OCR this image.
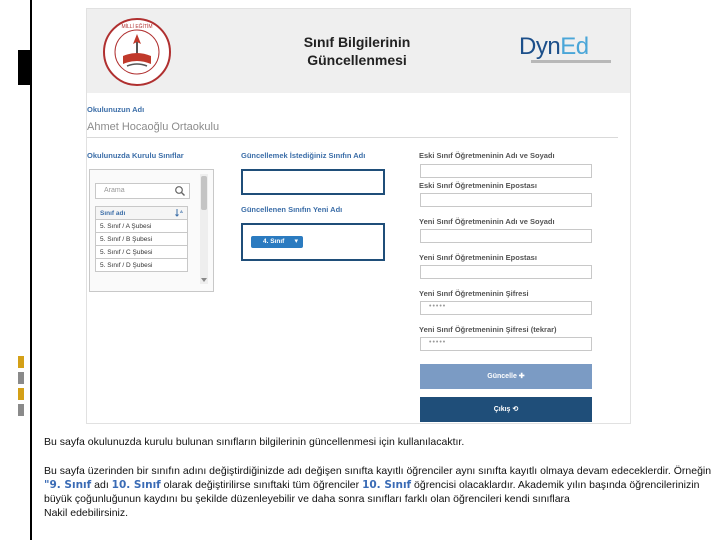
MİLLİ EĞİTİM
Sınıf Bilgilerinin
Güncellenmesi	DynEd
Okulunuzun Adı
Ahmet Hocaoğlu Ortaokulu
Okulunuzda Kurulu Sınıflar
Arama
Sınıf adı	A

5. Sınıf / A Şubesi
5. Sınıf / B Şubesi
5. Sınıf / C Şubesi
5. Sınıf / D Şubesi
Güncellemek İstediğiniz Sınıfın Adı
Güncellenen Sınıfın Yeni Adı
4. Sınıf ▾
Eski Sınıf Öğretmeninin Adı ve Soyadı
Eski Sınıf Öğretmeninin Epostası
Yeni Sınıf Öğretmeninin Adı ve Soyadı
Yeni Sınıf Öğretmeninin Epostası
Yeni Sınıf Öğretmeninin Şifresi
•••••
Yeni Sınıf Öğretmeninin Şifresi (tekrar)
•••••
Güncelle ✚
Çıkış ⟲
Bu sayfa okulunuzda kurulu bulunan sınıfların bilgilerinin güncellenmesi için kullanılacaktır.
Bu sayfa üzerinden bir sınıfın adını değiştirdiğinizde adı değişen sınıfta kayıtlı öğrenciler aynı sınıfta kayıtlı olmaya devam edeceklerdir. Örneğin "9. Sınıf adı 10. Sınıf olarak değiştirilirse sınıftaki tüm öğrenciler 10. Sınıf öğrencisi olacaklardır. Akademik yılın başında öğrencilerinizin büyük çoğunluğunun kaydını bu şekilde düzenleyebilir ve daha sonra sınıfları farklı olan öğrencileri kendi sınıflara
Nakil edebilirsiniz.
